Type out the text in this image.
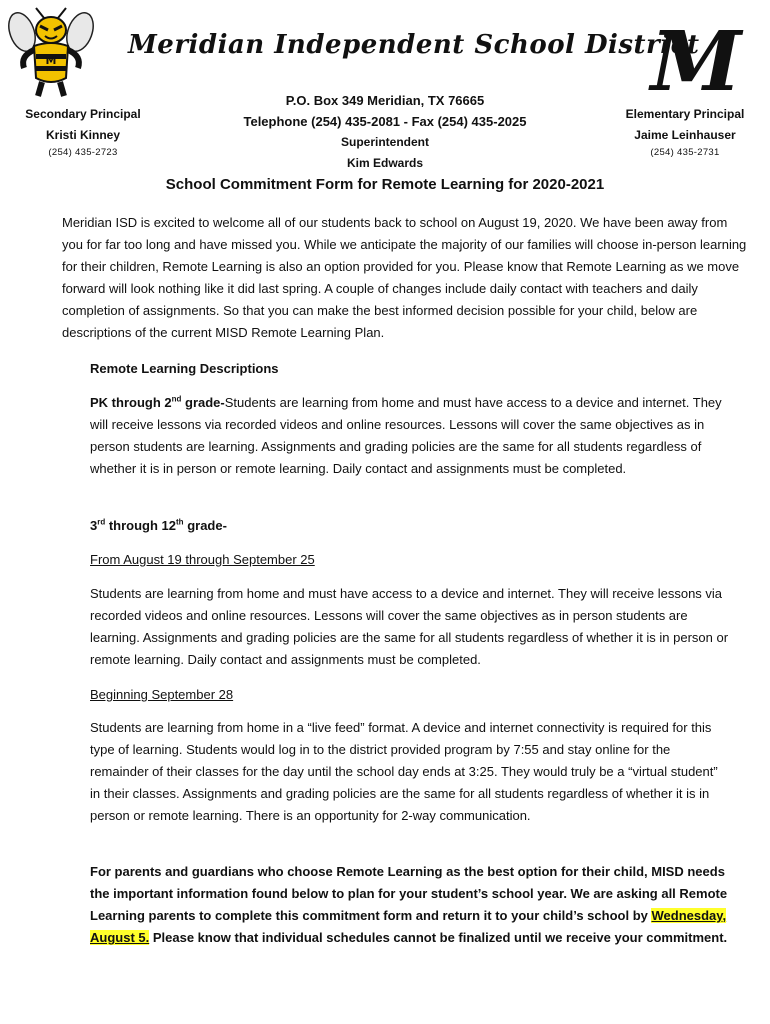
M
Meridian Independent School District
M
Secondary Principal
Kristi Kinney
(254) 435-2723
P.O. Box 349 Meridian, TX 76665
Telephone (254) 435-2081 - Fax (254) 435-2025
Superintendent
Kim Edwards
Elementary Principal
Jaime Leinhauser
(254) 435-2731
School Commitment Form for Remote Learning for 2020-2021
Meridian ISD is excited to welcome all of our students back to school on August 19, 2020. We have been away from you for far too long and have missed you. While we anticipate the majority of our families will choose in-person learning for their children, Remote Learning is also an option provided for you. Please know that Remote Learning as we move forward will look nothing like it did last spring. A couple of changes include daily contact with teachers and daily completion of assignments. So that you can make the best informed decision possible for your child, below are descriptions of the current MISD Remote Learning Plan.
Remote Learning Descriptions
PK through 2nd grade-Students are learning from home and must have access to a device and internet. They will receive lessons via recorded videos and online resources. Lessons will cover the same objectives as in person students are learning. Assignments and grading policies are the same for all students regardless of whether it is in person or remote learning. Daily contact and assignments must be completed.
3rd through 12th grade-
From August 19 through September 25
Students are learning from home and must have access to a device and internet. They will receive lessons via recorded videos and online resources. Lessons will cover the same objectives as in person students are learning. Assignments and grading policies are the same for all students regardless of whether it is in person or remote learning. Daily contact and assignments must be completed.
Beginning September 28
Students are learning from home in a “live feed” format. A device and internet connectivity is required for this type of learning. Students would log in to the district provided program by 7:55 and stay online for the remainder of their classes for the day until the school day ends at 3:25. They would truly be a “virtual student” in their classes. Assignments and grading policies are the same for all students regardless of whether it is in person or remote learning. There is an opportunity for 2-way communication.
For parents and guardians who choose Remote Learning as the best option for their child, MISD needs the important information found below to plan for your student’s school year. We are asking all Remote Learning parents to complete this commitment form and return it to your child’s school by Wednesday, August 5. Please know that individual schedules cannot be finalized until we receive your commitment.
